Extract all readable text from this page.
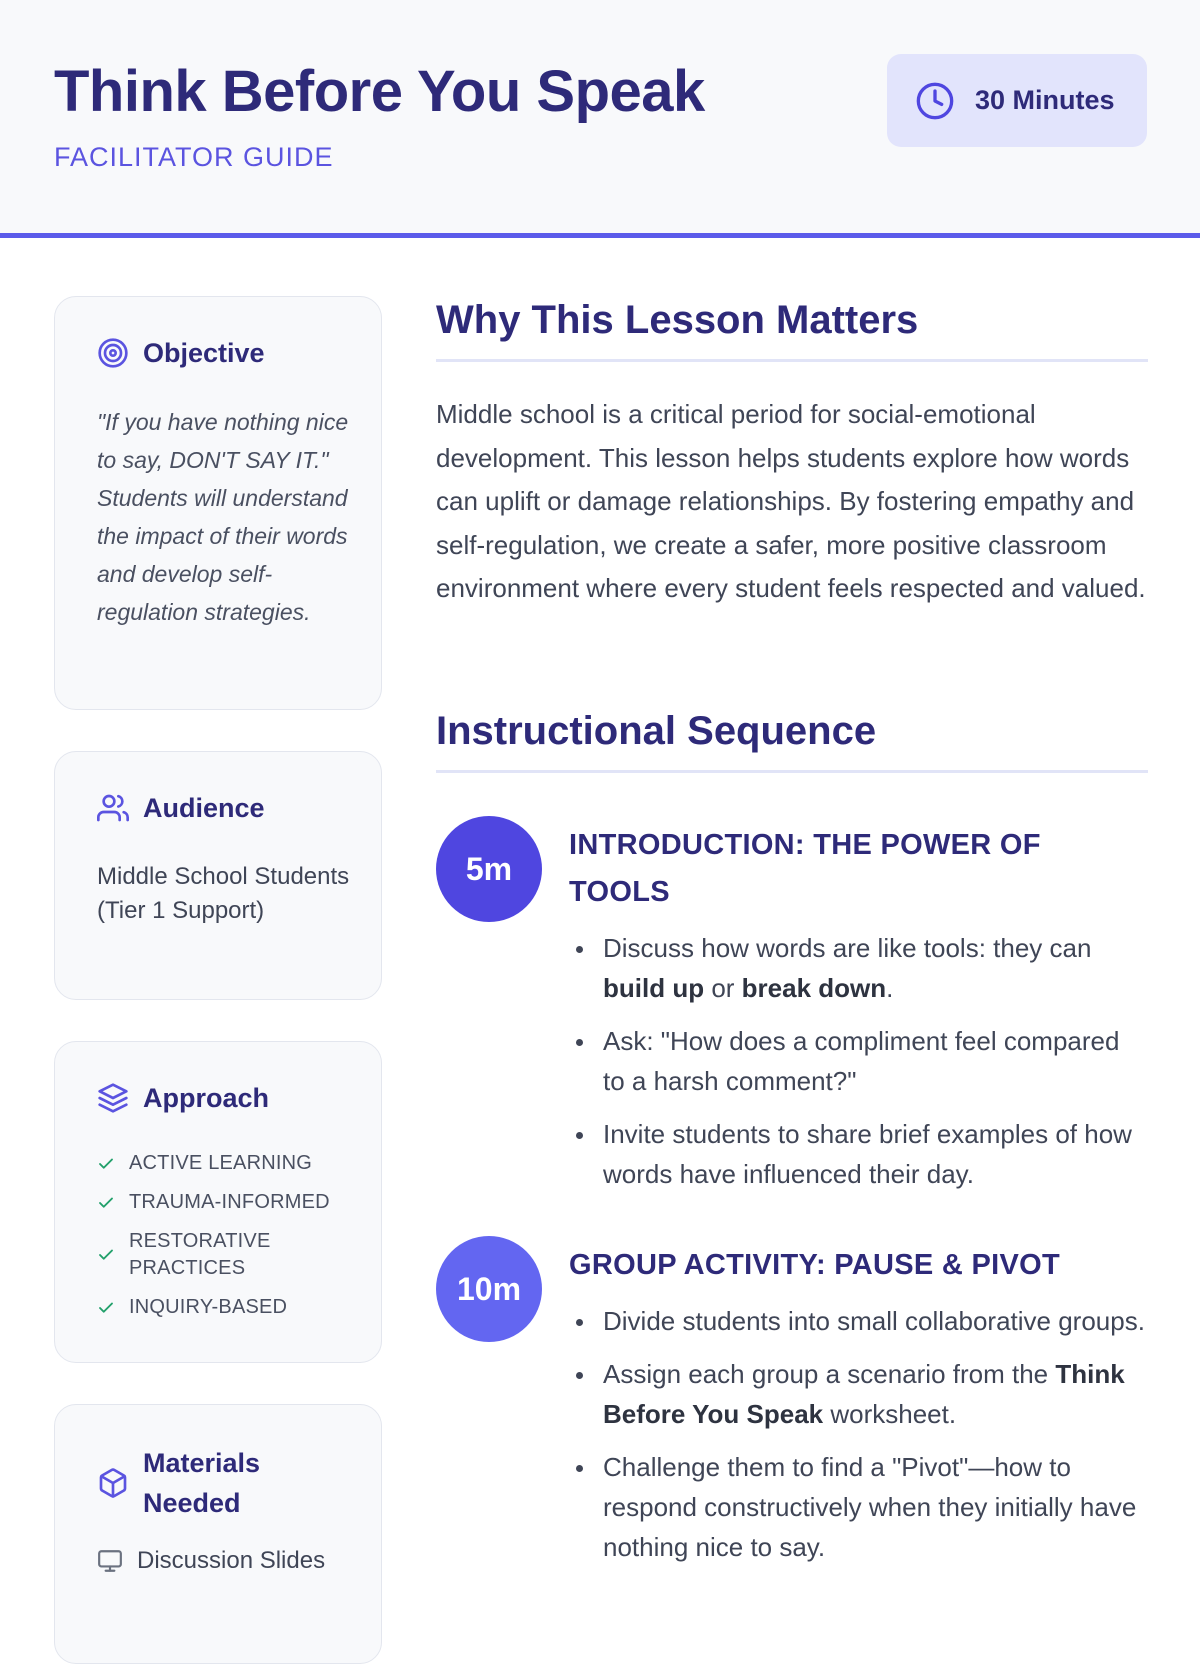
Think Before You Speak
FACILITATOR GUIDE
30 Minutes
Objective

"If you have nothing nice to say, DON'T SAY IT." Students will understand the impact of their words and develop self-regulation strategies.

Audience

Middle School Students (Tier 1 Support)

Approach
ACTIVE LEARNING
TRAUMA-INFORMED
RESTORATIVE PRACTICES
INQUIRY-BASED
Materials Needed
Discussion Slides
Why This Lesson Matters

Middle school is a critical period for social-emotional development. This lesson helps students explore how words can uplift or damage relationships. By fostering empathy and self-regulation, we create a safer, more positive classroom environment where every student feels respected and valued.

Instructional Sequence
5m
INTRODUCTION: THE POWER OF TOOLS
Discuss how words are like tools: they can build up or break down.
Ask: "How does a compliment feel compared to a harsh comment?"
Invite students to share brief examples of how words have influenced their day.
10m
GROUP ACTIVITY: PAUSE & PIVOT
Divide students into small collaborative groups.
Assign each group a scenario from the Think Before You Speak worksheet.
Challenge them to find a "Pivot"—how to respond constructively when they initially have nothing nice to say.
